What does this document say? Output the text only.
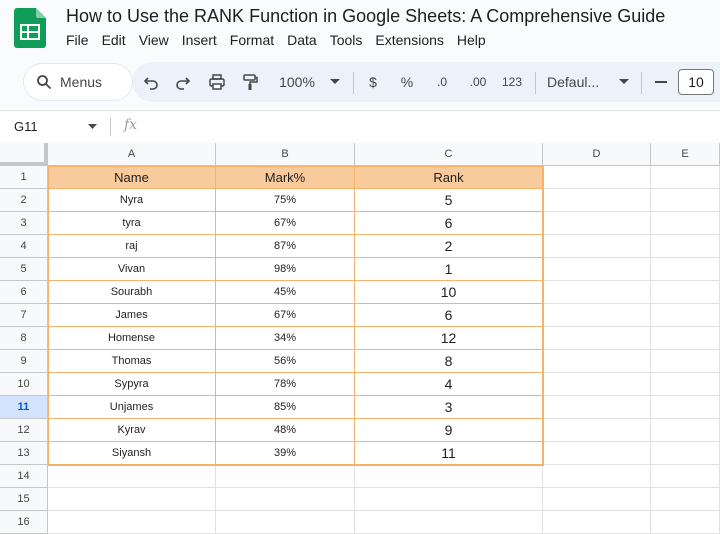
How to Use the RANK Function in Google Sheets: A Comprehensive Guide
File Edit View Insert Format Data Tools Extensions Help
Menus	100%	$ % .0 .00 123 Defaul...	10
G11	fx
A	B	C	D	E
1
2
3
4
5
6
7
8
9
10
11
12
13
14
15
16
Name	Mark%	Rank
Nyra	75%	5
tyra	67%	6
raj	87%	2
Vivan	98%	1
Sourabh	45%	10
James	67%	6
Homense	34%	12
Thomas	56%	8
Sypyra	78%	4
Unjames	85%	3
Kyrav	48%	9
Siyansh	39%	11
